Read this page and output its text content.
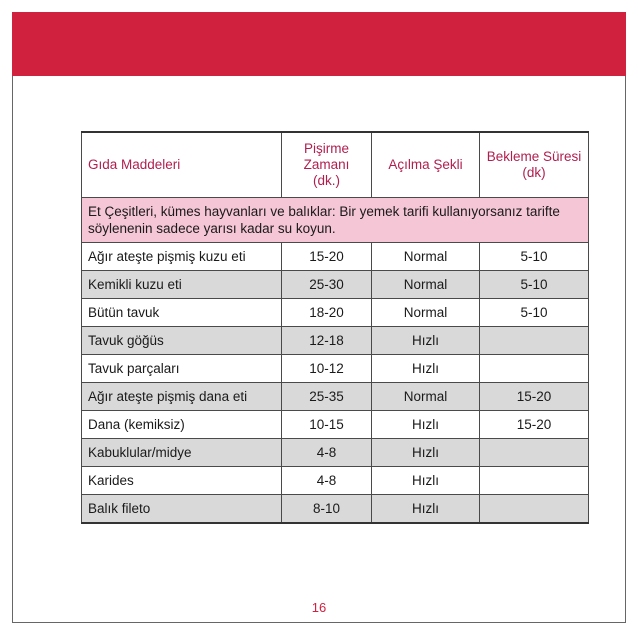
Gıda Maddeleri	Pişirme
Zamanı
(dk.)	Açılma Şekli	Bekleme Süresi
(dk)

Et Çeşitleri, kümes hayvanları ve balıklar: Bir yemek tarifi kullanıyorsanız tarifte söylenenin sadece yarısı kadar su koyun.			
Ağır ateşte pişmiş kuzu eti	15-20	Normal	5-10
Kemikli kuzu eti	25-30	Normal	5-10
Bütün tavuk	18-20	Normal	5-10
Tavuk göğüs	12-18	Hızlı	
Tavuk parçaları	10-12	Hızlı	
Ağır ateşte pişmiş dana eti	25-35	Normal	15-20
Dana (kemiksiz)	10-15	Hızlı	15-20
Kabuklular/midye	4-8	Hızlı	
Karides	4-8	Hızlı	
Balık fileto	8-10	Hızlı	
16
